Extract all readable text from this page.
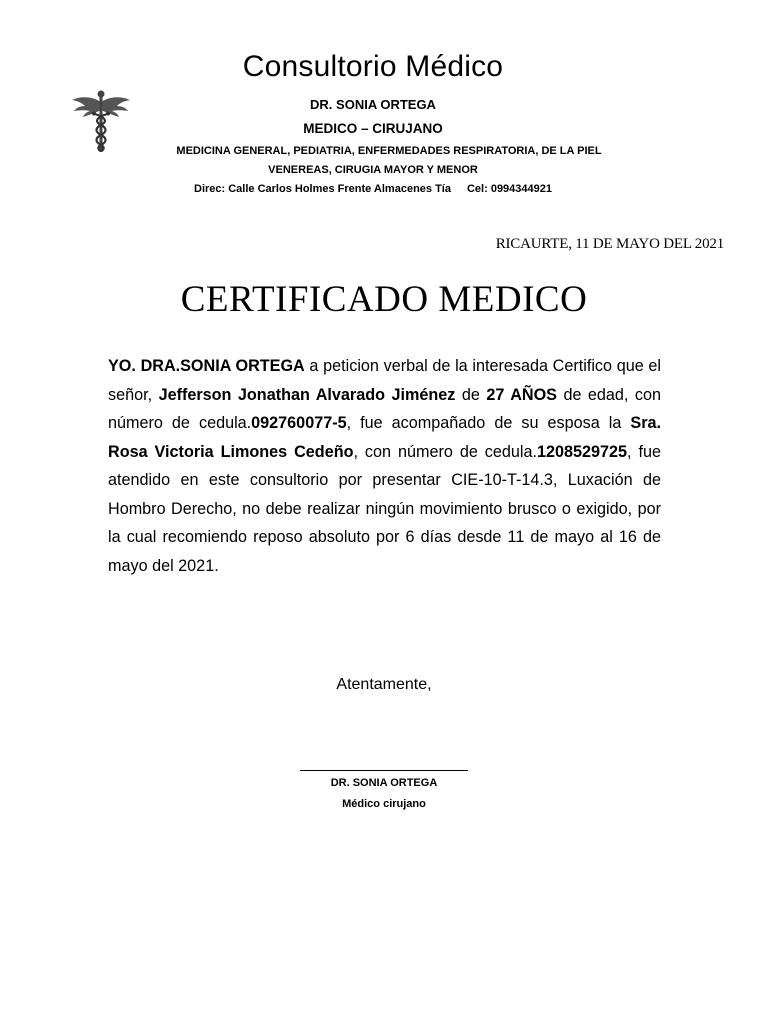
Consultorio Médico
DR. SONIA ORTEGA
MEDICO – CIRUJANO
MEDICINA GENERAL, PEDIATRIA, ENFERMEDADES RESPIRATORIA, DE LA PIEL
VENEREAS, CIRUGIA MAYOR Y MENOR
Direc: Calle Carlos Holmes Frente Almacenes Tía Cel: 0994344921
RICAURTE, 11 DE MAYO DEL 2021
CERTIFICADO MEDICO
YO. DRA.SONIA ORTEGA a peticion verbal de la interesada Certifico que el señor, Jefferson Jonathan Alvarado Jiménez de 27 AÑOS de edad, con número de cedula.092760077-5, fue acompañado de su esposa la Sra. Rosa Victoria Limones Cedeño, con número de cedula.1208529725, fue atendido en este consultorio por presentar CIE-10-T-14.3, Luxación de Hombro Derecho, no debe realizar ningún movimiento brusco o exigido, por la cual recomiendo reposo absoluto por 6 días desde 11 de mayo al 16 de mayo del 2021.
Atentamente,
DR. SONIA ORTEGA
Médico cirujano
